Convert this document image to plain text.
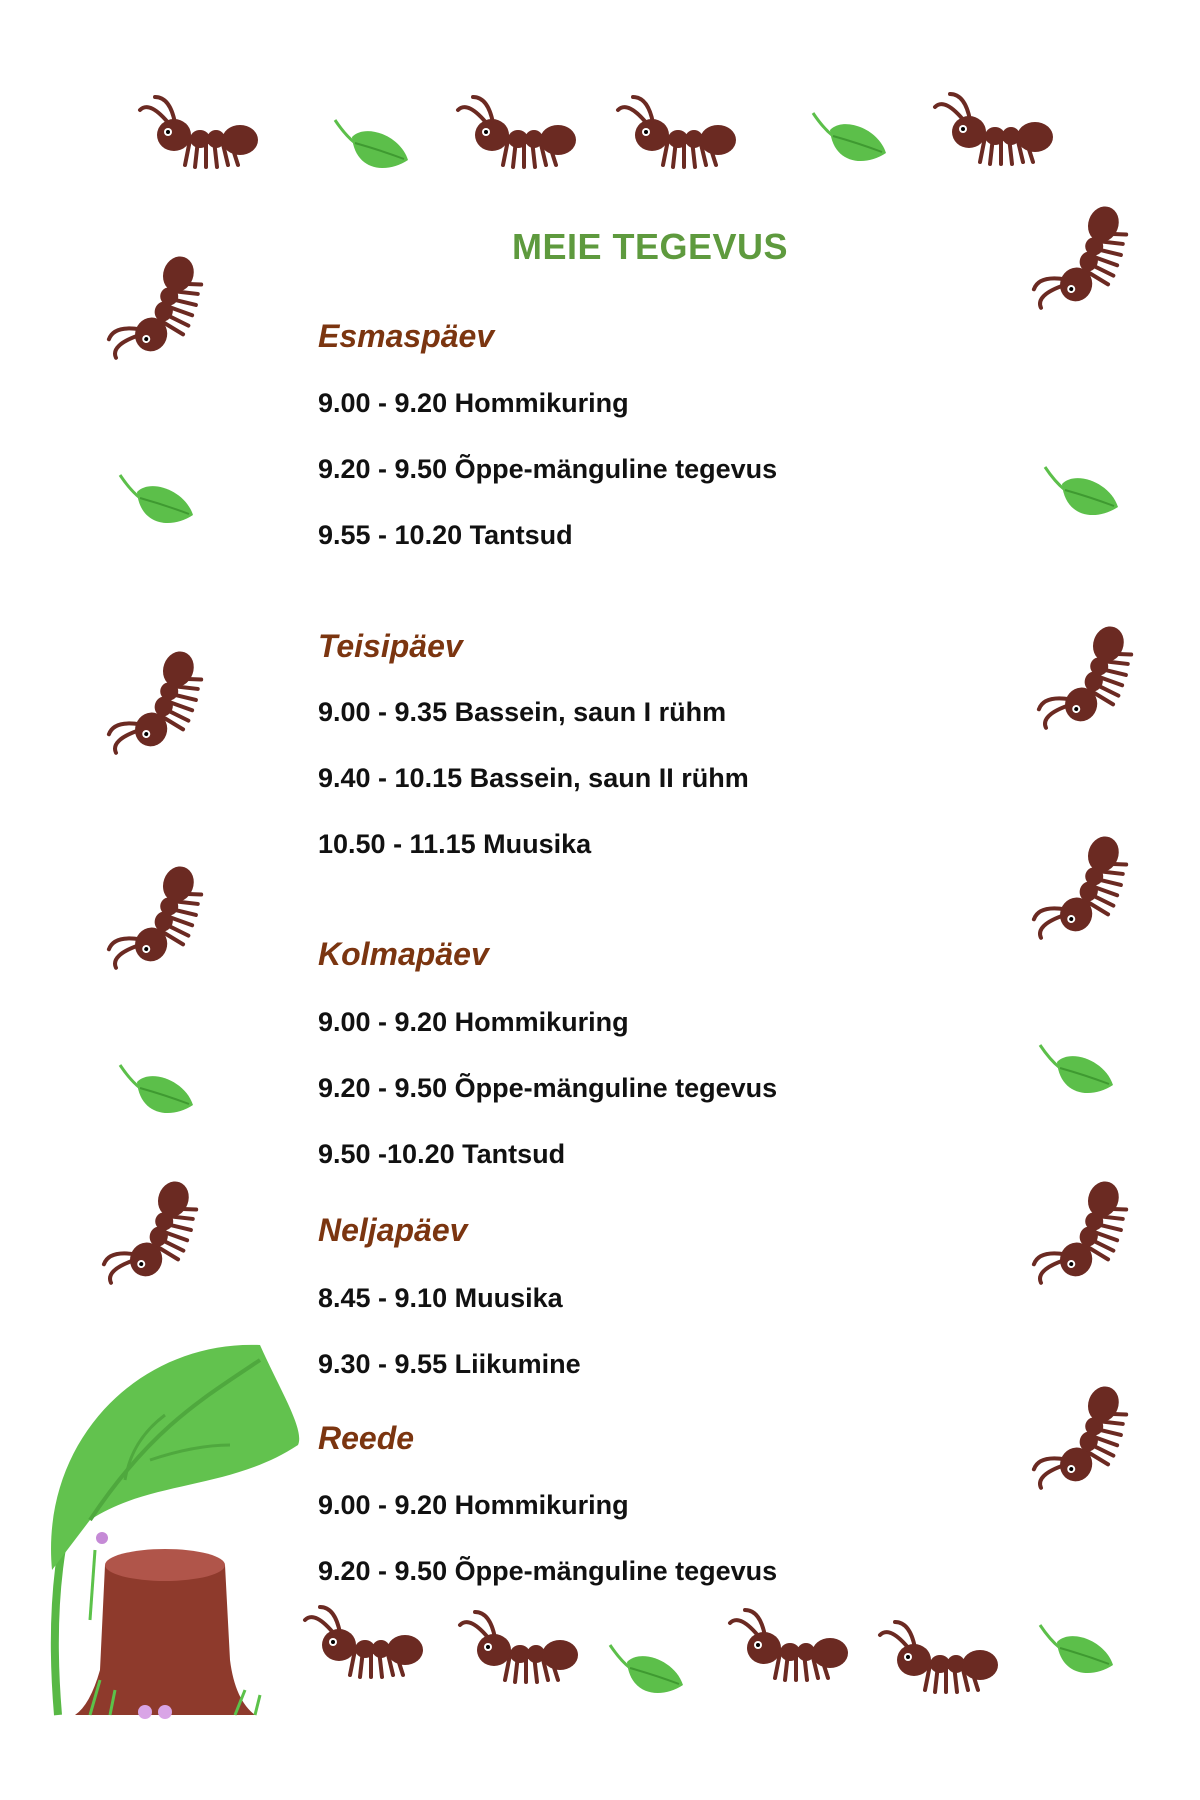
MEIE TEGEVUS
Esmaspäev
9.00 - 9.20 Hommikuring
9.20 - 9.50 Õppe-mänguline tegevus
9.55 - 10.20 Tantsud
Teisipäev
9.00 - 9.35 Bassein, saun I rühm
9.40 - 10.15 Bassein, saun II rühm
10.50 - 11.15 Muusika
Kolmapäev
9.00 - 9.20 Hommikuring
9.20 - 9.50 Õppe-mänguline tegevus
9.50 -10.20 Tantsud
Neljapäev
8.45 - 9.10 Muusika
9.30 - 9.55 Liikumine
Reede
9.00 - 9.20 Hommikuring
9.20 - 9.50 Õppe-mänguline tegevus
